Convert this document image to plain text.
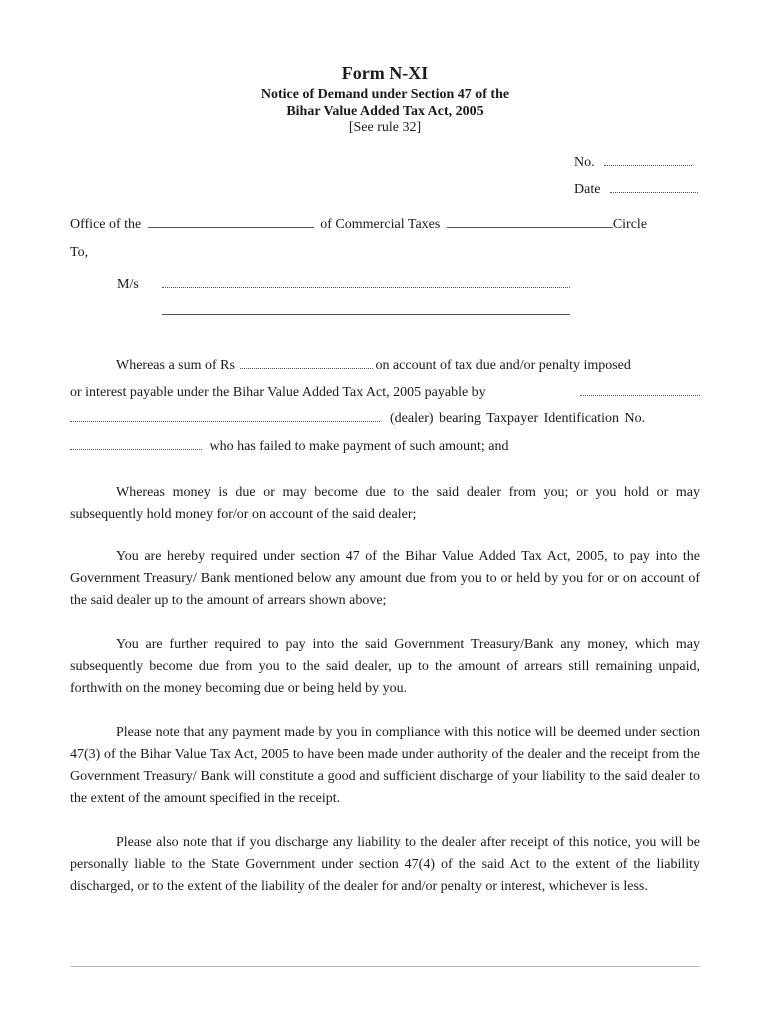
Form N-XI
Notice of Demand under Section 47 of the
Bihar Value Added Tax Act, 2005
[See rule 32]
No.
Date
Office of the	of Commercial Taxes	Circle
To,
M/s
Whereas a sum of Rs	on account of tax due and/or penalty imposed
or interest payable under the Bihar Value Added Tax Act, 2005 payable by
(dealer) bearing Taxpayer Identification No.
who has failed to make payment of such amount; and
Whereas money is due or may become due to the said dealer from you; or you hold or may subsequently hold money for/or on account of the said dealer;
You are hereby required under section 47 of the Bihar Value Added Tax Act, 2005, to pay into the Government Treasury/ Bank mentioned below any amount due from you to or held by you for or on account of the said dealer up to the amount of arrears shown above;
You are further required to pay into the said Government Treasury/Bank any money, which may subsequently become due from you to the said dealer, up to the amount of arrears still remaining unpaid, forthwith on the money becoming due or being held by you.
Please note that any payment made by you in compliance with this notice will be deemed under section 47(3) of the Bihar Value Tax Act, 2005 to have been made under authority of the dealer and the receipt from the Government Treasury/ Bank will constitute a good and sufficient discharge of your liability to the said dealer to the extent of the amount specified in the receipt.
Please also note that if you discharge any liability to the dealer after receipt of this notice, you will be personally liable to the State Government under section 47(4) of the said Act to the extent of the liability discharged, or to the extent of the liability of the dealer for and/or penalty or interest, whichever is less.
